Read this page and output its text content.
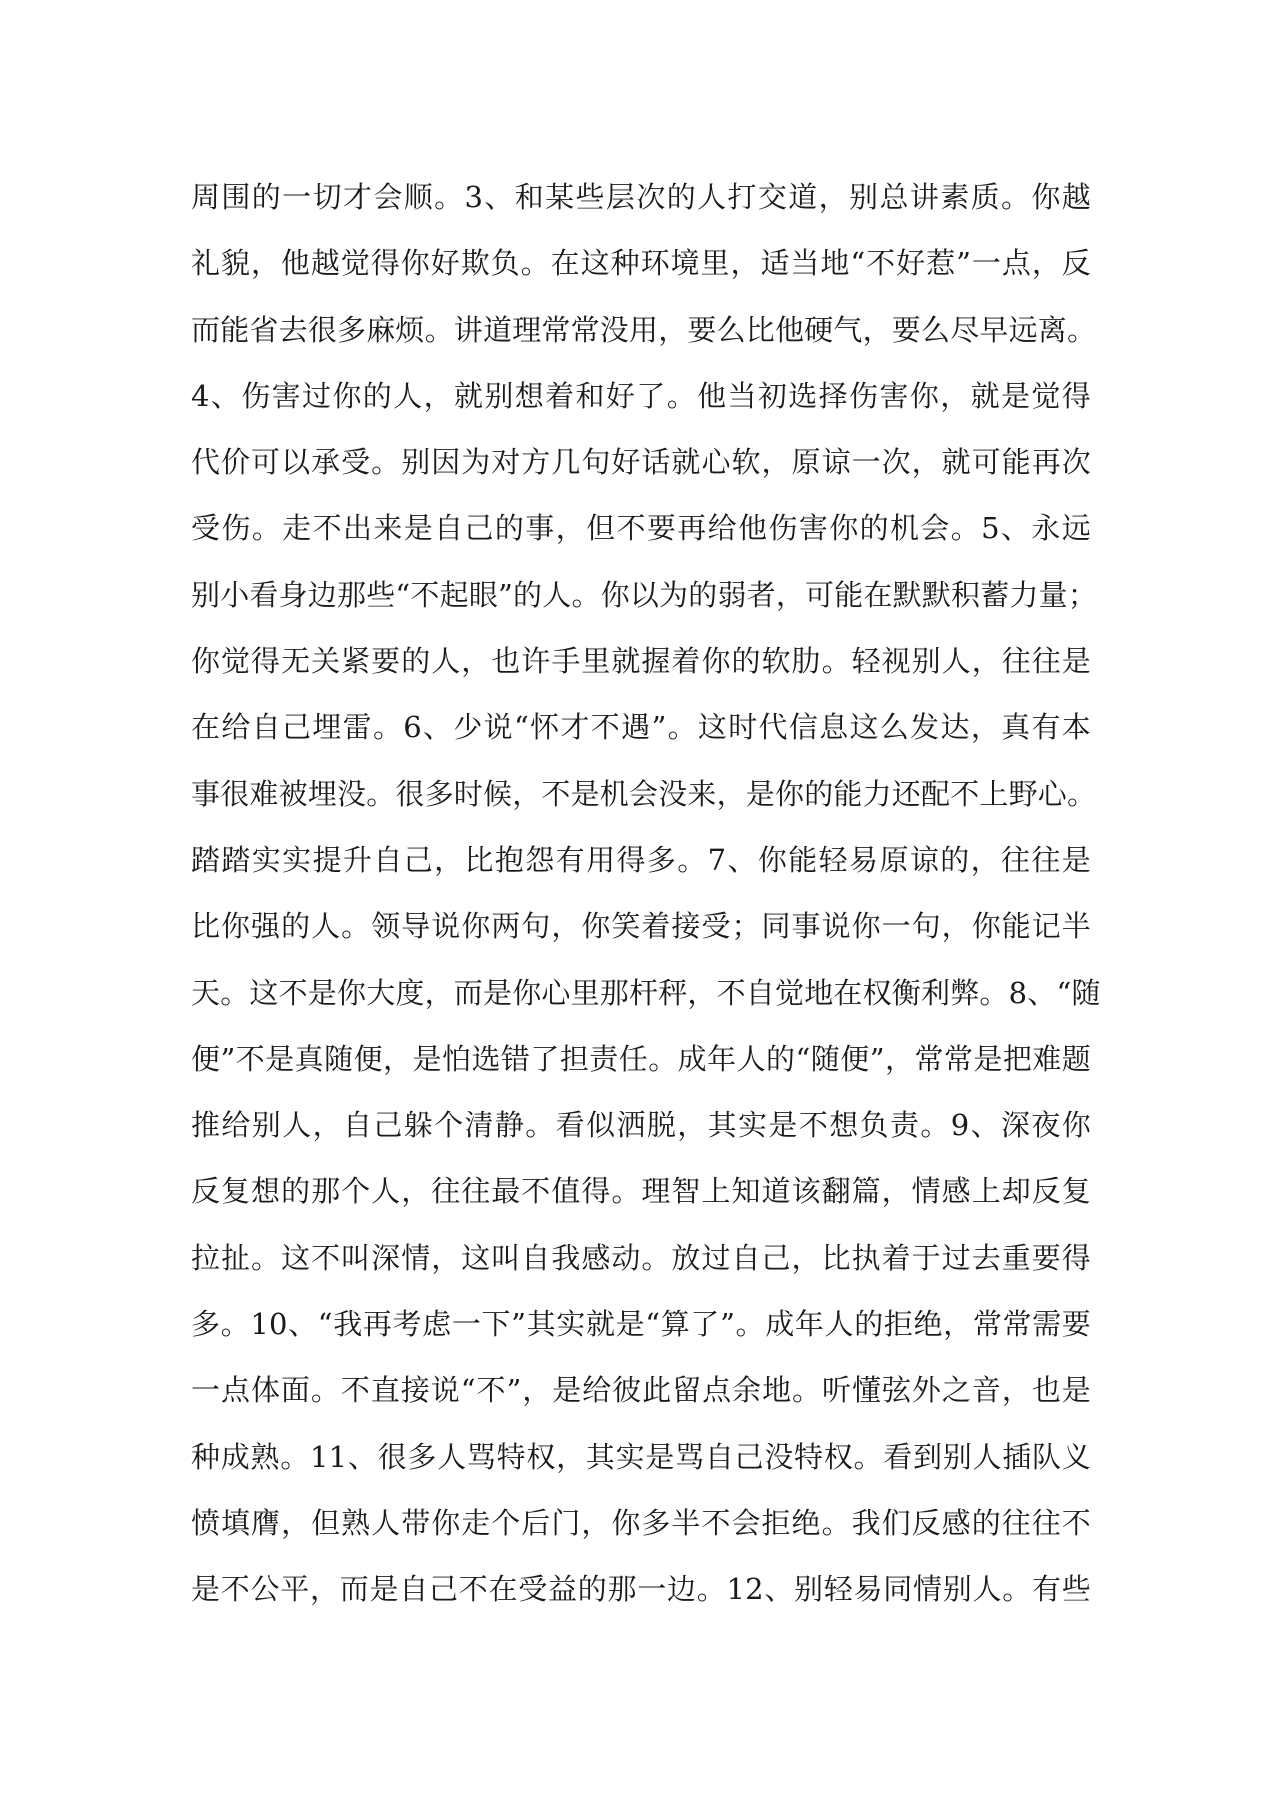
周围的一切才会顺。3、和某些层次的人打交道，别总讲素质。你越
礼貌，他越觉得你好欺负。在这种环境里，适当地“不好惹”一点，反
而能省去很多麻烦。讲道理常常没用，要么比他硬气，要么尽早远离。
4、伤害过你的人，就别想着和好了。他当初选择伤害你，就是觉得
代价可以承受。别因为对方几句好话就心软，原谅一次，就可能再次
受伤。走不出来是自己的事，但不要再给他伤害你的机会。5、永远
别小看身边那些“不起眼”的人。你以为的弱者，可能在默默积蓄力量；
你觉得无关紧要的人，也许手里就握着你的软肋。轻视别人，往往是
在给自己埋雷。6、少说“怀才不遇”。这时代信息这么发达，真有本
事很难被埋没。很多时候，不是机会没来，是你的能力还配不上野心。
踏踏实实提升自己，比抱怨有用得多。7、你能轻易原谅的，往往是
比你强的人。领导说你两句，你笑着接受；同事说你一句，你能记半
天。这不是你大度，而是你心里那杆秤，不自觉地在权衡利弊。8、“随
便”不是真随便，是怕选错了担责任。成年人的“随便”，常常是把难题
推给别人，自己躲个清静。看似洒脱，其实是不想负责。9、深夜你
反复想的那个人，往往最不值得。理智上知道该翻篇，情感上却反复
拉扯。这不叫深情，这叫自我感动。放过自己，比执着于过去重要得
多。10、“我再考虑一下”其实就是“算了”。成年人的拒绝，常常需要
一点体面。不直接说“不”，是给彼此留点余地。听懂弦外之音，也是
种成熟。11、很多人骂特权，其实是骂自己没特权。看到别人插队义
愤填膺，但熟人带你走个后门，你多半不会拒绝。我们反感的往往不
是不公平，而是自己不在受益的那一边。12、别轻易同情别人。有些
